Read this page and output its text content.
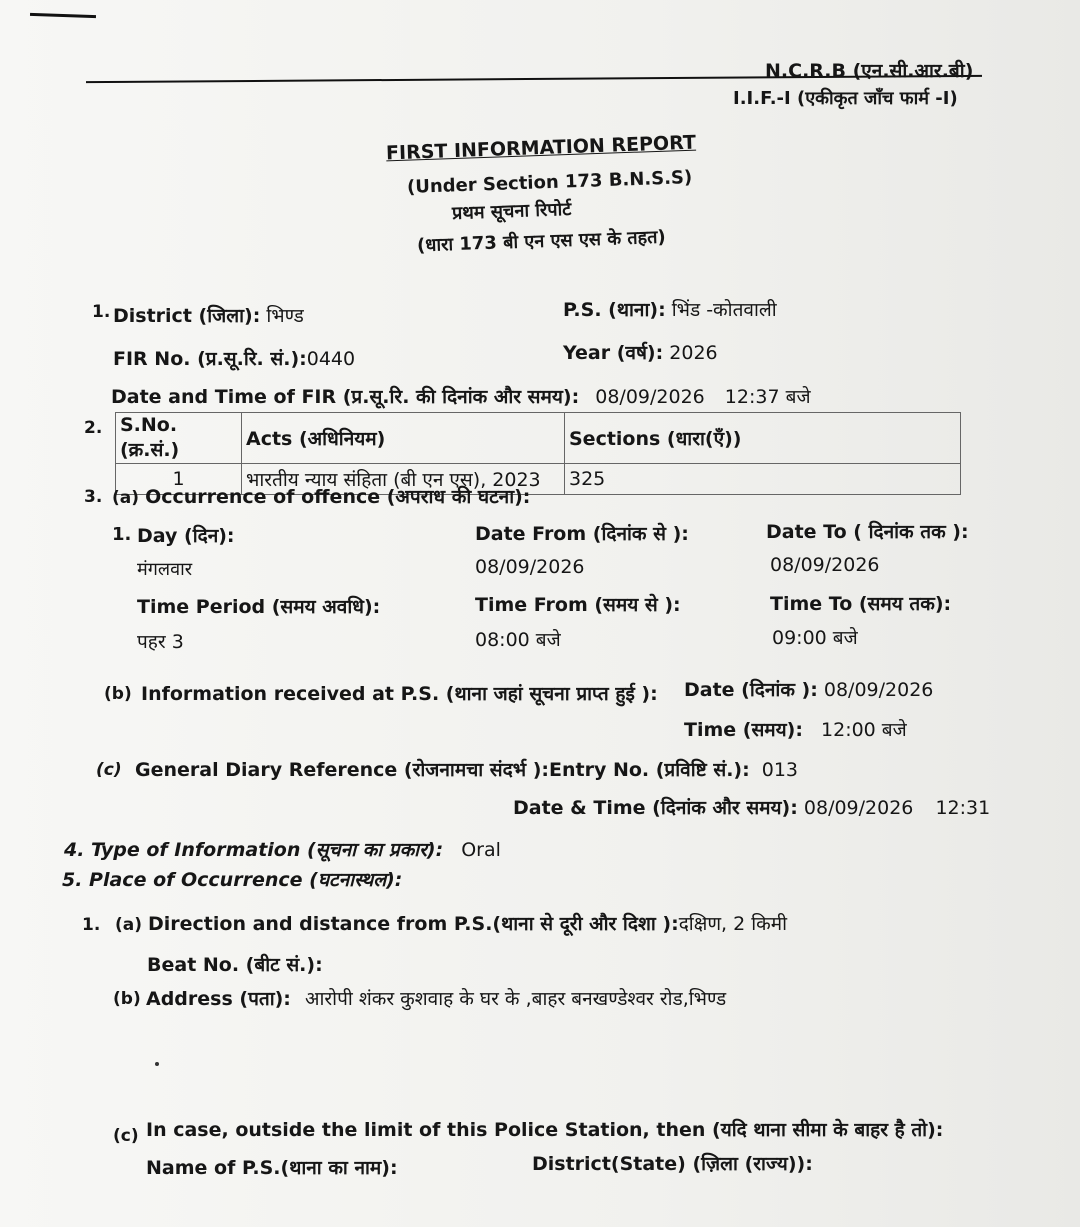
N.C.R.B (एन.सी.आर.बी)
I.I.F.-I (एकीकृत जाँच फार्म -I)
FIRST INFORMATION REPORT
(Under Section 173 B.N.S.S)
प्रथम सूचना रिपोर्ट
(धारा 173 बी एन एस एस के तहत)
1. District (जिला): भिण्ड	P.S. (थाना): भिंड -कोतवाली
FIR No. (प्र.सू.रि. सं.):0440	Year (वर्ष): 2026
Date and Time of FIR (प्र.सू.रि. की दिनांक और समय): 08/09/2026 12:37 बजे
2. S.No. (क्र.सं.)	Acts (अधिनियम)	Sections (धारा(एँ))
1	भारतीय न्याय संहिता (बी एन एस), 2023	325
3. (a) Occurrence of offence (अपराध की घटना):
1. Day (दिन):
मंगलवार
Date From (दिनांक से ):
08/09/2026
Date To ( दिनांक तक ):
08/09/2026
Time Period (समय अवधि):
पहर 3
Time From (समय से ):
08:00 बजे
Time To (समय तक):
09:00 बजे
(b) Information received at P.S. (थाना जहां सूचना प्राप्त हुई ): Date (दिनांक ): 08/09/2026
Time (समय): 12:00 बजे
(c) General Diary Reference (रोजनामचा संदर्भ ):Entry No. (प्रविष्टि सं.): 013
Date & Time (दिनांक और समय): 08/09/2026 12:31
4. Type of Information (सूचना का प्रकार): Oral
5. Place of Occurrence (घटनास्थल):
1. (a) Direction and distance from P.S.(थाना से दूरी और दिशा ):दक्षिण, 2 किमी
Beat No. (बीट सं.):
(b) Address (पता): आरोपी शंकर कुशवाह के घर के ,बाहर बनखण्डेश्वर रोड,भिण्ड
(c) In case, outside the limit of this Police Station, then (यदि थाना सीमा के बाहर है तो):
Name of P.S.(थाना का नाम):	District(State) (ज़िला (राज्य)):
